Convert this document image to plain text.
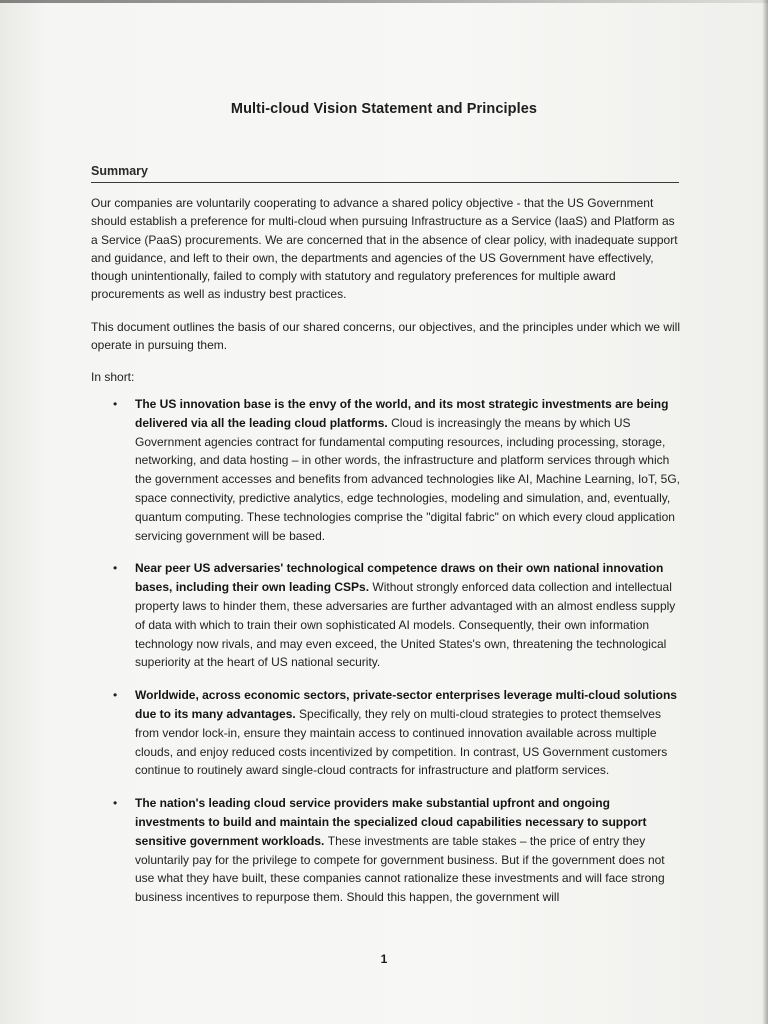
Multi-cloud Vision Statement and Principles
Summary
Our companies are voluntarily cooperating to advance a shared policy objective - that the US Government should establish a preference for multi-cloud when pursuing Infrastructure as a Service (IaaS) and Platform as a Service (PaaS) procurements. We are concerned that in the absence of clear policy, with inadequate support and guidance, and left to their own, the departments and agencies of the US Government have effectively, though unintentionally, failed to comply with statutory and regulatory preferences for multiple award procurements as well as industry best practices.
This document outlines the basis of our shared concerns, our objectives, and the principles under which we will operate in pursuing them.
In short:
• The US innovation base is the envy of the world, and its most strategic investments are being delivered via all the leading cloud platforms. Cloud is increasingly the means by which US Government agencies contract for fundamental computing resources, including processing, storage, networking, and data hosting – in other words, the infrastructure and platform services through which the government accesses and benefits from advanced technologies like AI, Machine Learning, IoT, 5G, space connectivity, predictive analytics, edge technologies, modeling and simulation, and, eventually, quantum computing. These technologies comprise the "digital fabric" on which every cloud application servicing government will be based.
• Near peer US adversaries' technological competence draws on their own national innovation bases, including their own leading CSPs. Without strongly enforced data collection and intellectual property laws to hinder them, these adversaries are further advantaged with an almost endless supply of data with which to train their own sophisticated AI models. Consequently, their own information technology now rivals, and may even exceed, the United States's own, threatening the technological superiority at the heart of US national security.
• Worldwide, across economic sectors, private-sector enterprises leverage multi-cloud solutions due to its many advantages. Specifically, they rely on multi-cloud strategies to protect themselves from vendor lock-in, ensure they maintain access to continued innovation available across multiple clouds, and enjoy reduced costs incentivized by competition. In contrast, US Government customers continue to routinely award single-cloud contracts for infrastructure and platform services.
• The nation's leading cloud service providers make substantial upfront and ongoing investments to build and maintain the specialized cloud capabilities necessary to support sensitive government workloads. These investments are table stakes – the price of entry they voluntarily pay for the privilege to compete for government business. But if the government does not use what they have built, these companies cannot rationalize these investments and will face strong business incentives to repurpose them. Should this happen, the government will
1
